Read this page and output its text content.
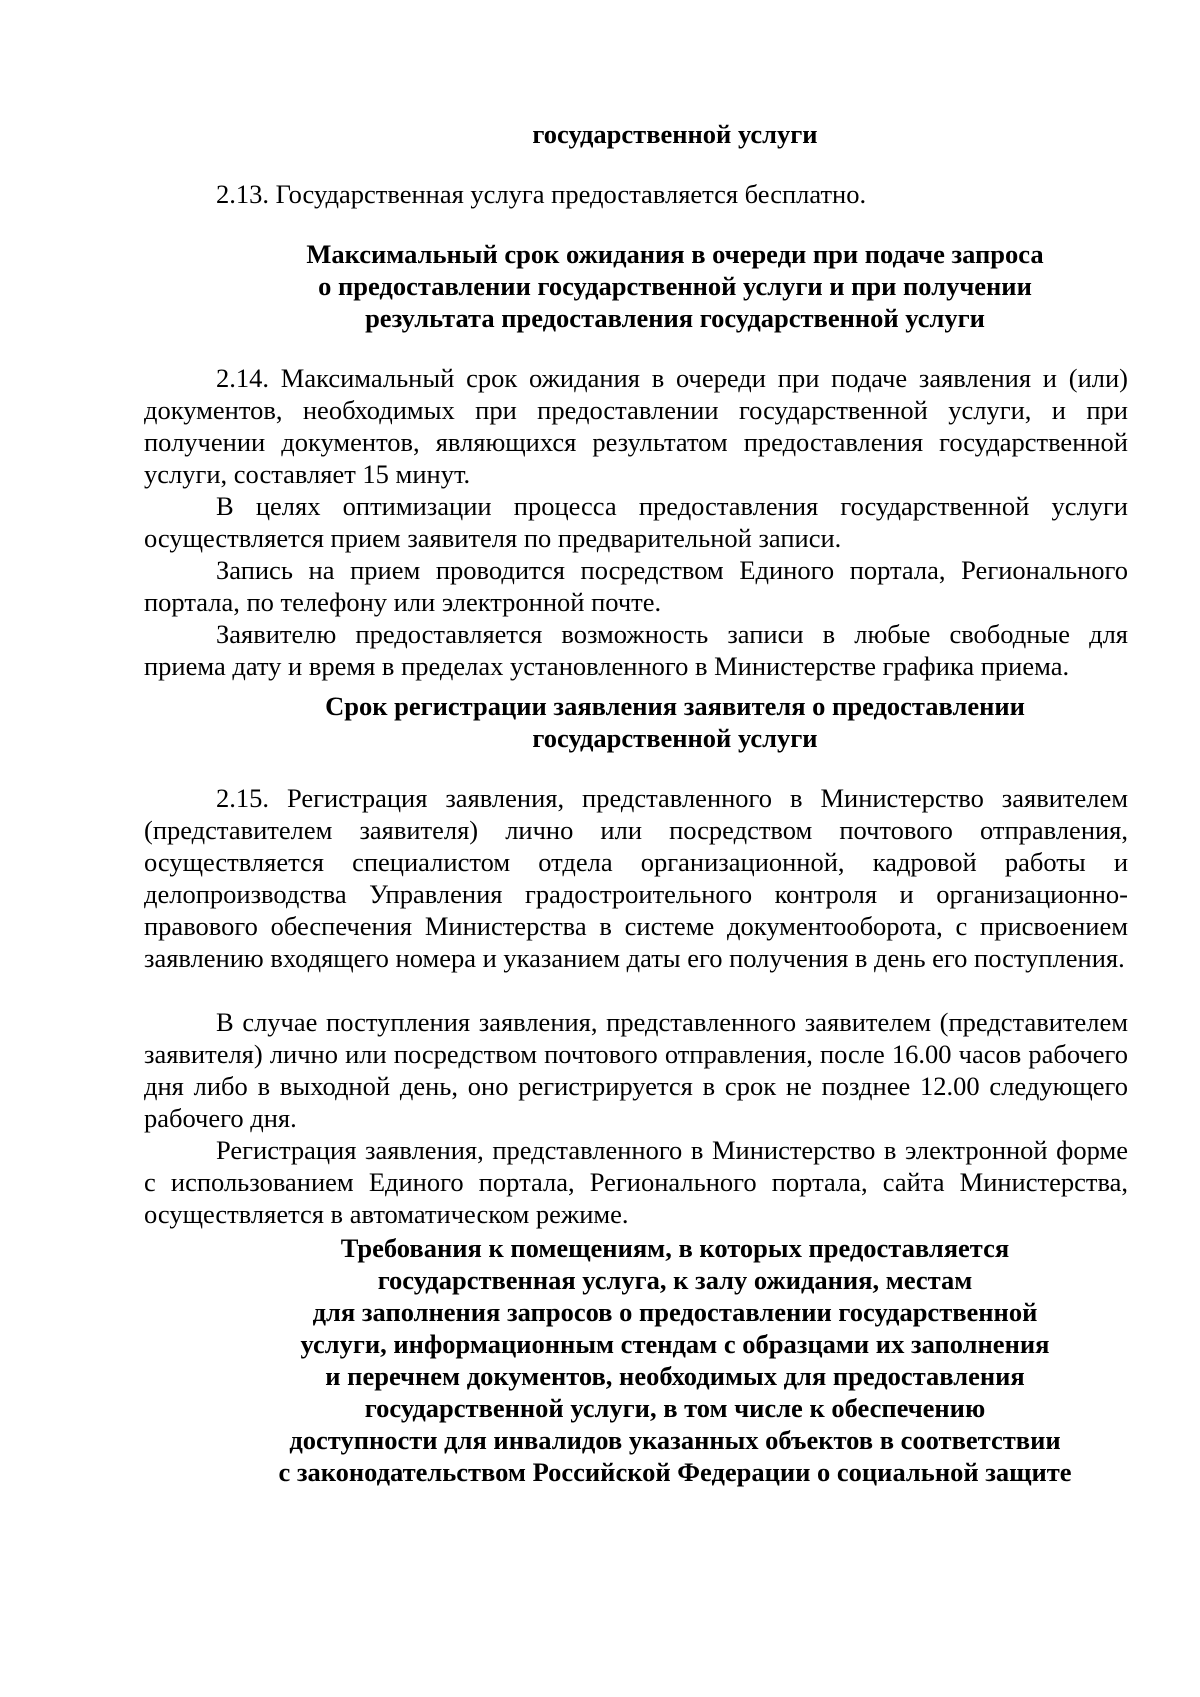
государственной услуги

2.13. Государственная услуга предоставляется бесплатно.

Максимальный срок ожидания в очереди при подаче запроса
о предоставлении государственной услуги и при получении
результата предоставления государственной услуги

2.14. Максимальный срок ожидания в очереди при подаче заявления и (или) документов, необходимых при предоставлении государственной услуги, и при получении документов, являющихся результатом предоставления государственной услуги, составляет 15 минут.

В целях оптимизации процесса предоставления государственной услуги осуществляется прием заявителя по предварительной записи.

Запись на прием проводится посредством Единого портала, Регионального портала, по телефону или электронной почте.

Заявителю предоставляется возможность записи в любые свободные для приема дату и время в пределах установленного в Министерстве графика приема.

Срок регистрации заявления заявителя о предоставлении
государственной услуги

2.15. Регистрация заявления, представленного в Министерство заявителем (представителем заявителя) лично или посредством почтового отправления, осуществляется специалистом отдела организационной, кадровой работы и делопроизводства Управления градостроительного контроля и организационно-правового обеспечения Министерства в системе документооборота, с присвоением заявлению входящего номера и указанием даты его получения в день его поступления.

В случае поступления заявления, представленного заявителем (представителем заявителя) лично или посредством почтового отправления, после 16.00 часов рабочего дня либо в выходной день, оно регистрируется в срок не позднее 12.00 следующего рабочего дня.

Регистрация заявления, представленного в Министерство в электронной форме с использованием Единого портала, Регионального портала, сайта Министерства, осуществляется в автоматическом режиме.

Требования к помещениям, в которых предоставляется
государственная услуга, к залу ожидания, местам
для заполнения запросов о предоставлении государственной
услуги, информационным стендам с образцами их заполнения
и перечнем документов, необходимых для предоставления
государственной услуги, в том числе к обеспечению
доступности для инвалидов указанных объектов в соответствии
с законодательством Российской Федерации о социальной защите
